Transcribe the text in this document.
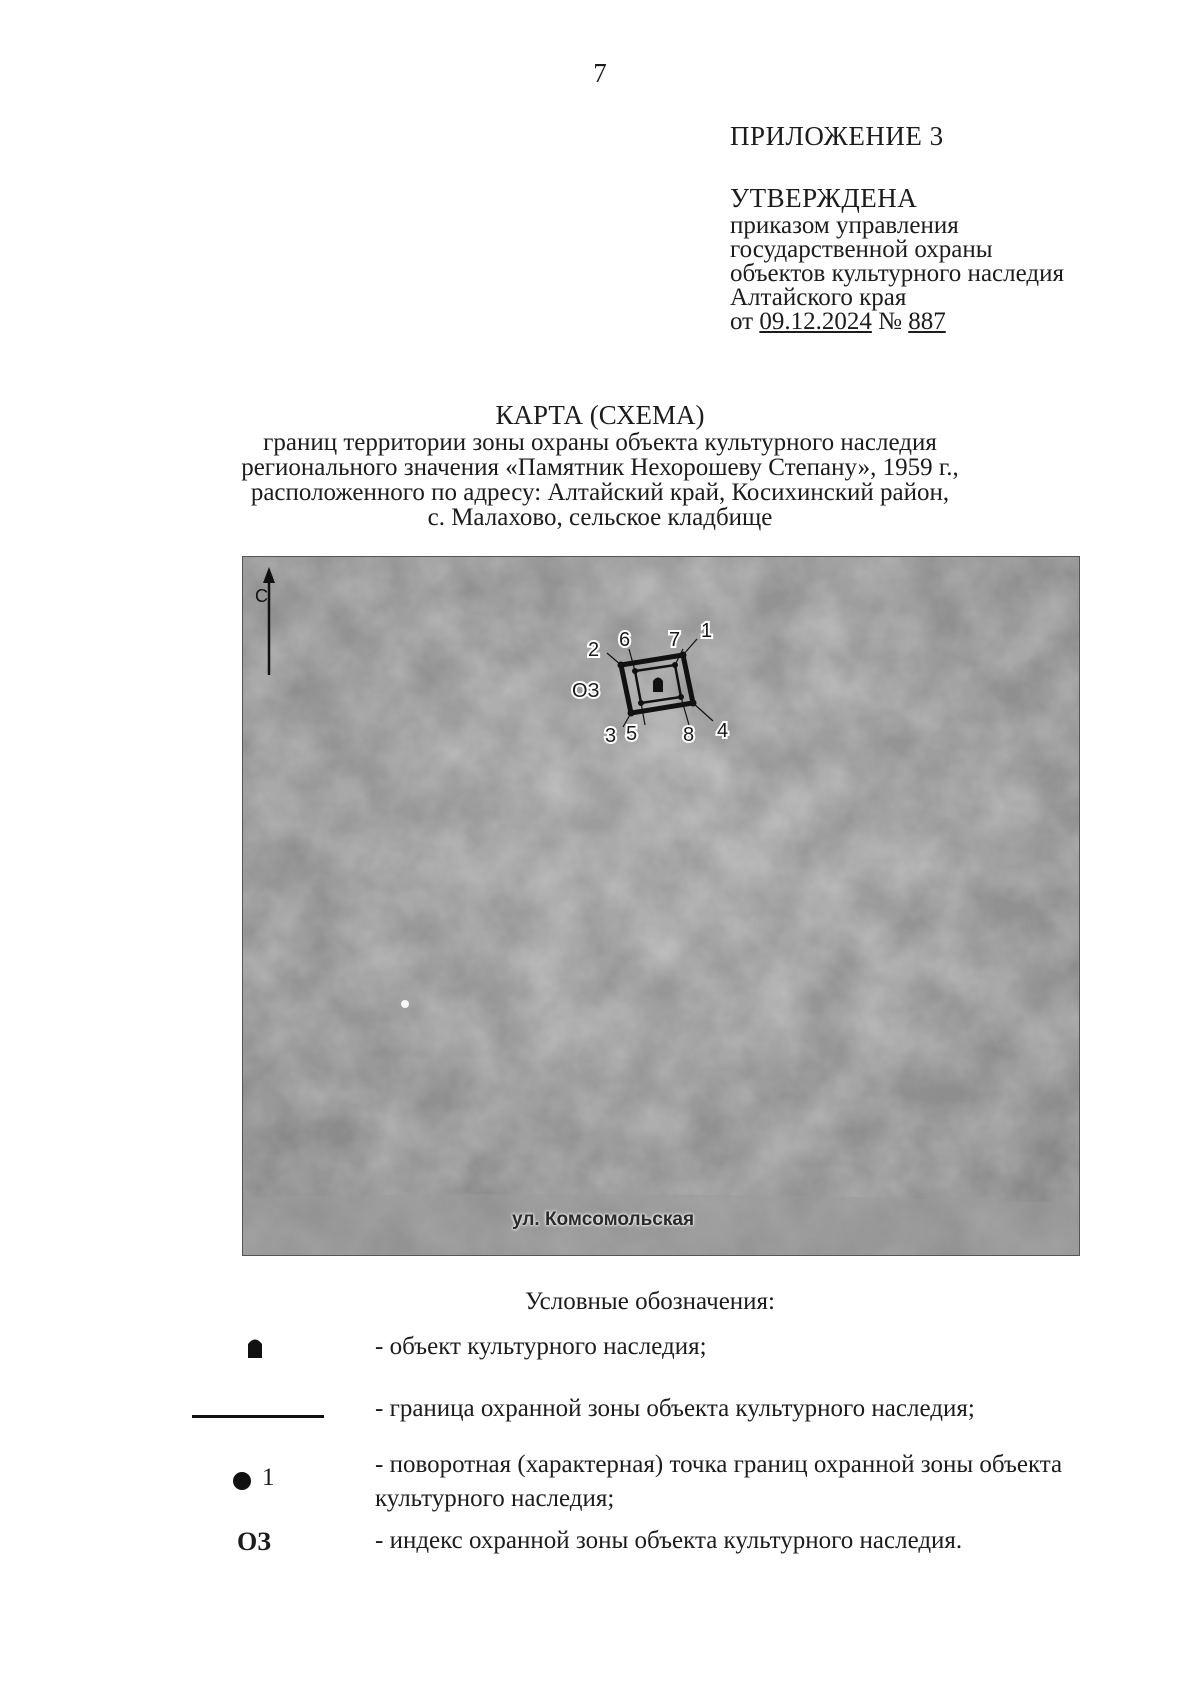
7
ПРИЛОЖЕНИЕ 3
УТВЕРЖДЕНА
приказом управления
государственной охраны
объектов культурного наследия
Алтайского края
от 09.12.2024 № 887
КАРТА (СХЕМА)
границ территории зоны охраны объекта культурного наследия
регионального значения «Памятник Нехорошеву Степану», 1959 г.,
расположенного по адресу: Алтайский край, Косихинский район,
с. Малахово, сельское кладбище
С
1
2
3	4
5
6 7
8
ОЗ
ул. Комсомольская
Условные обозначения:
- объект культурного наследия;
- граница охранной зоны объекта культурного наследия;
1	- поворотная (характерная) точка границ охранной зоны объекта культурного наследия;
ОЗ	- индекс охранной зоны объекта культурного наследия.
